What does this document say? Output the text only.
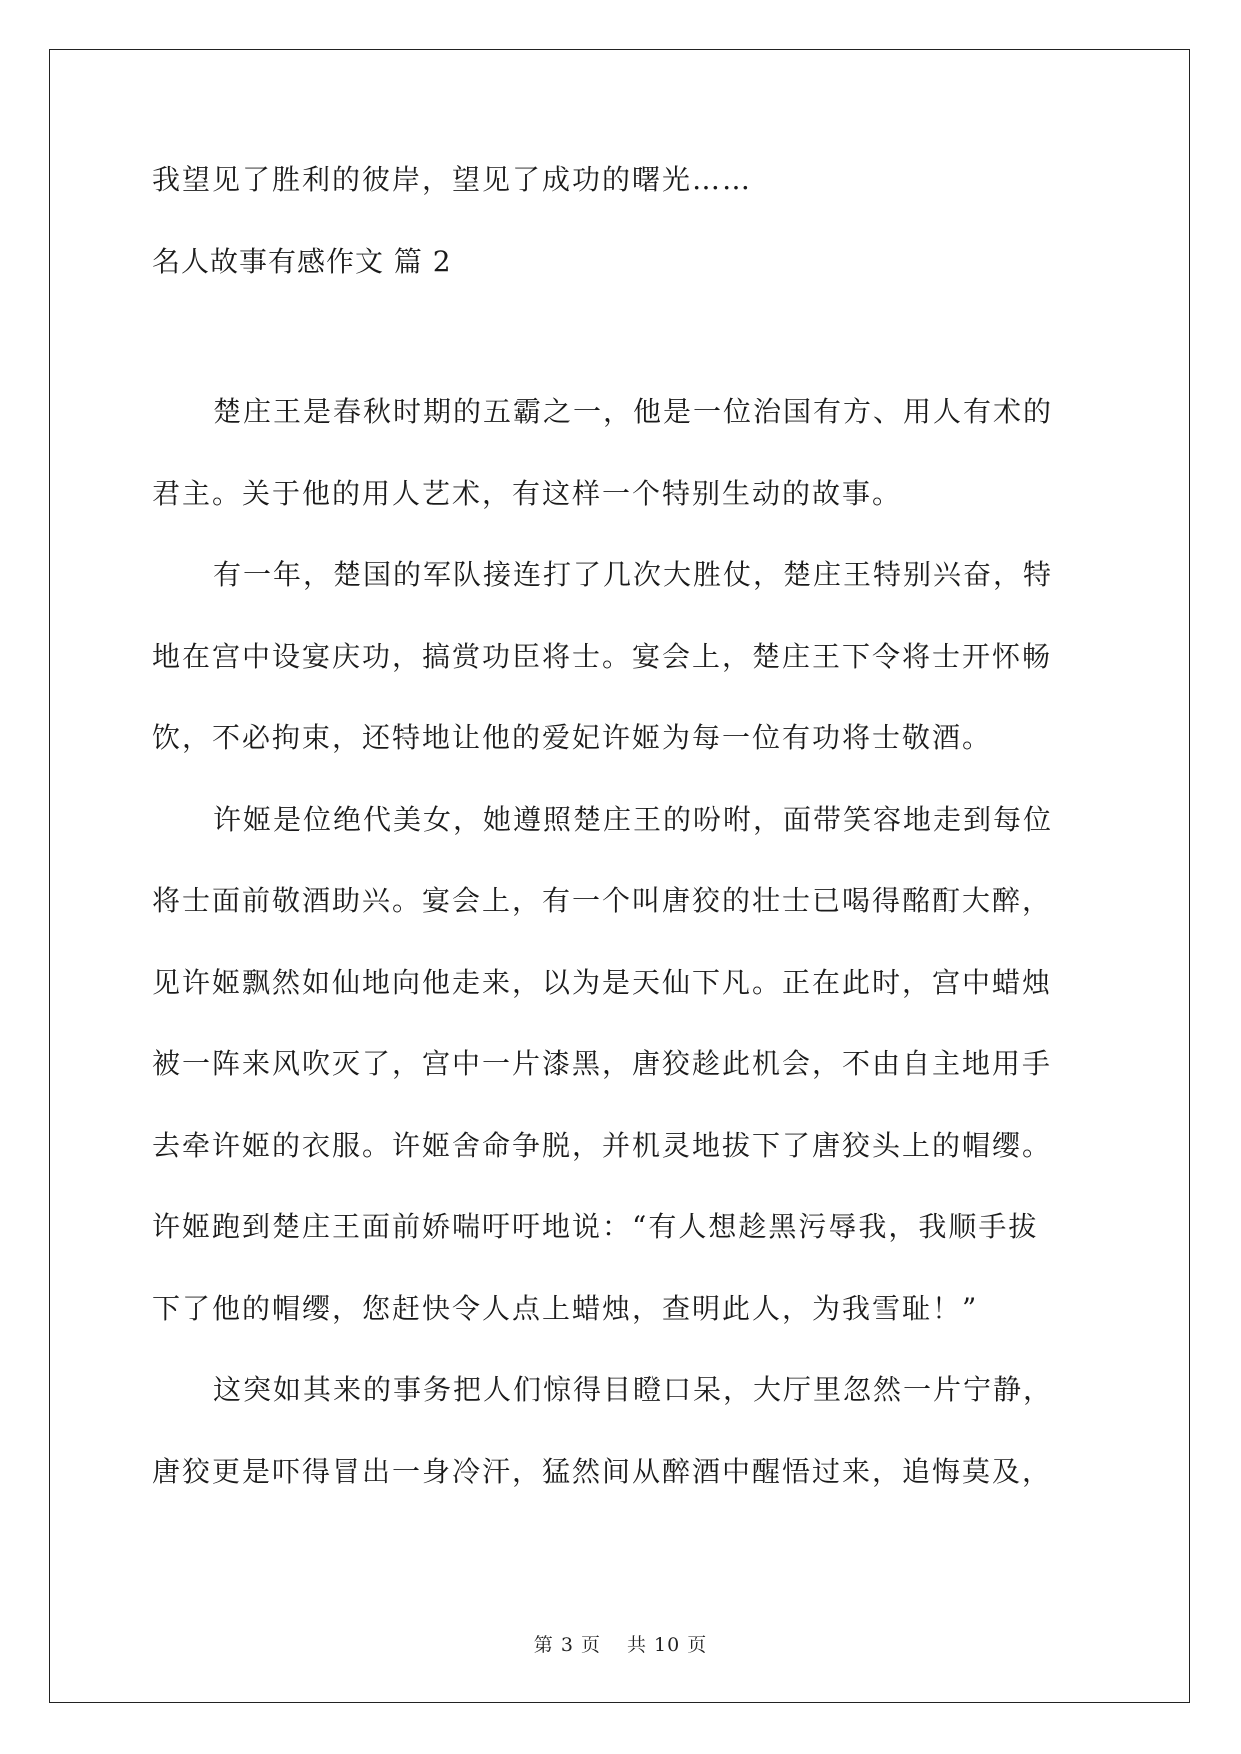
我望见了胜利的彼岸，望见了成功的曙光……
名人故事有感作文 篇 2
楚庄王是春秋时期的五霸之一，他是一位治国有方、用人有术的
君主。关于他的用人艺术，有这样一个特别生动的故事。
有一年，楚国的军队接连打了几次大胜仗，楚庄王特别兴奋，特
地在宫中设宴庆功，搞赏功臣将士。宴会上，楚庄王下令将士开怀畅
饮，不必拘束，还特地让他的爱妃许姬为每一位有功将士敬酒。
许姬是位绝代美女，她遵照楚庄王的吩咐，面带笑容地走到每位
将士面前敬酒助兴。宴会上，有一个叫唐狡的壮士已喝得酩酊大醉，
见许姬飘然如仙地向他走来，以为是天仙下凡。正在此时，宫中蜡烛
被一阵来风吹灭了，宫中一片漆黑，唐狡趁此机会，不由自主地用手
去牵许姬的衣服。许姬舍命争脱，并机灵地拔下了唐狡头上的帽缨。
许姬跑到楚庄王面前娇喘吁吁地说：“有人想趁黑污辱我，我顺手拔
下了他的帽缨，您赶快令人点上蜡烛，查明此人，为我雪耻！”
这突如其来的事务把人们惊得目瞪口呆，大厅里忽然一片宁静，
唐狡更是吓得冒出一身冷汗，猛然间从醉酒中醒悟过来，追悔莫及，
第 3 页 共 10 页
